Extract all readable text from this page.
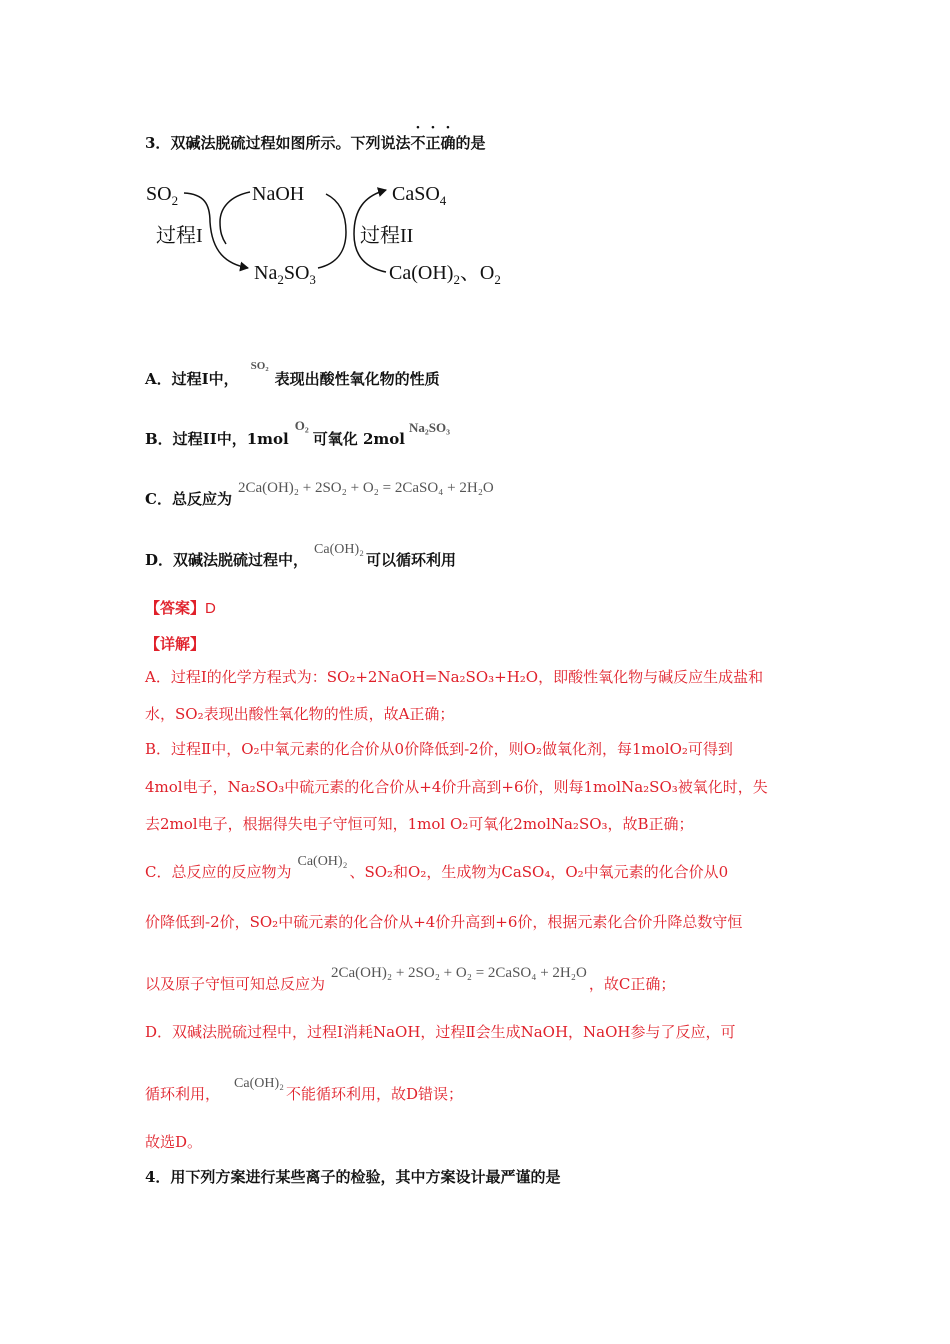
3．双碱法脱硫过程如图所示。下列说法不正确的是
$SO_2$	NaOH	CaSO$_4$
过程I	过程II
$Na_2SO_3$	$Ca(OH)_2$、$O_2$
A．过程I中，$^{SO_2}$表现出酸性氧化物的性质
B．过程II中，1molO₂可氧化 2molNa₂SO₃
C．总反应为2Ca(OH)₂ + 2SO₂ + O₂ = 2CaSO₄ + 2H₂O
D．双碱法脱硫过程中，Ca(OH)₂可以循环利用
【答案】D
【详解】
A．过程Ⅰ的化学方程式为：SO₂+2NaOH=Na₂SO₃+H₂O，即酸性氧化物与碱反应生成盐和
水，SO₂表现出酸性氧化物的性质，故A正确；
B．过程Ⅱ中，O₂中氧元素的化合价从0价降低到-2价，则O₂做氧化剂，每1molO₂可得到
4mol电子，Na₂SO₃中硫元素的化合价从+4价升高到+6价，则每1molNa₂SO₃被氧化时，失
去2mol电子，根据得失电子守恒可知，1mol O₂可氧化2molNa₂SO₃，故B正确；
C．总反应的反应物为Ca(OH)₂、SO₂和O₂，生成物为CaSO₄，O₂中氧元素的化合价从0
价降低到-2价，SO₂中硫元素的化合价从+4价升高到+6价，根据元素化合价升降总数守恒
以及原子守恒可知总反应为2Ca(OH)₂ + 2SO₂ + O₂ = 2CaSO₄ + 2H₂O，故C正确；
D．双碱法脱硫过程中，过程Ⅰ消耗NaOH，过程Ⅱ会生成NaOH，NaOH参与了反应，可
循环利用，Ca(OH)₂不能循环利用，故D错误；
故选D。
4．用下列方案进行某些离子的检验，其中方案设计最严谨的是
